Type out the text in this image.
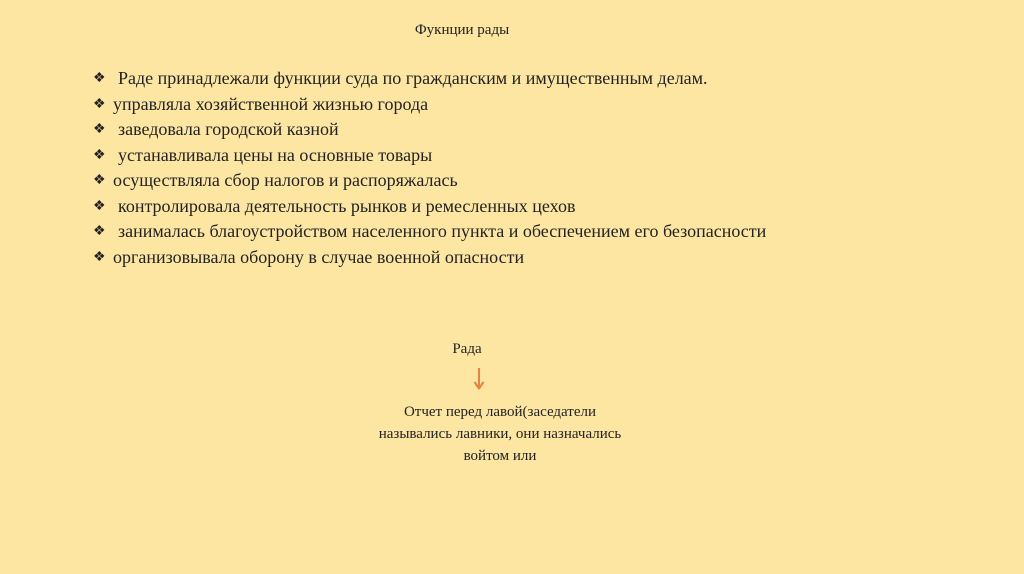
Фукнции рады
❖ Раде принадлежали функции суда по гражданским и имущественным делам.
❖ управляла хозяйственной жизнью города
❖ заведовала городской казной
❖ устанавливала цены на основные товары
❖ осуществляла сбор налогов и распоряжалась
❖ контролировала деятельность рынков и ремесленных цехов
❖ занималась благоустройством населенного пункта и обеспечением его безопасности
❖ организовывала оборону в случае военной опасности
Рада
Отчет перед лавой(заседатели
назывались лавники, они назначались
войтом или
